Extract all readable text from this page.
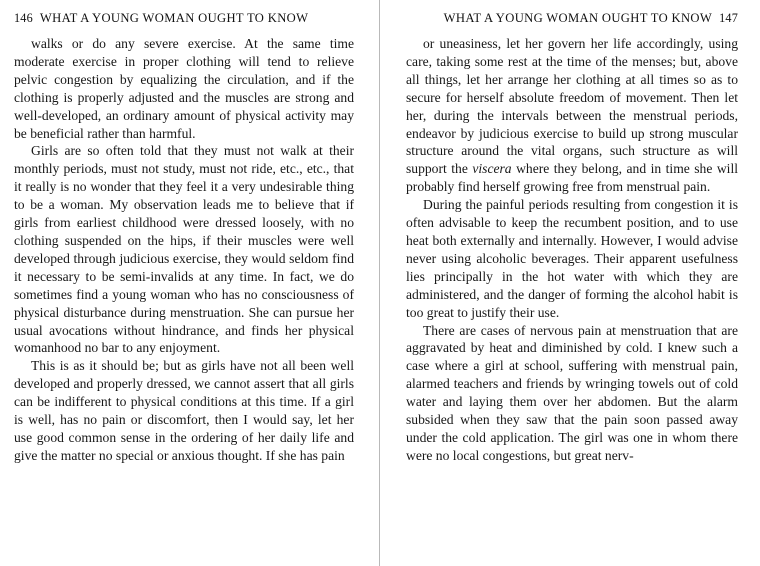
146 WHAT A YOUNG WOMAN OUGHT TO KNOW

walks or do any severe exercise. At the same time moderate exercise in proper clothing will tend to relieve pelvic congestion by equalizing the circulation, and if the clothing is properly adjusted and the muscles are strong and well-developed, an ordinary amount of physical activity may be beneficial rather than harmful.

Girls are so often told that they must not walk at their monthly periods, must not study, must not ride, etc., etc., that it really is no wonder that they feel it a very undesirable thing to be a woman. My observation leads me to believe that if girls from earliest childhood were dressed loosely, with no clothing suspended on the hips, if their muscles were well developed through judicious exercise, they would seldom find it necessary to be semi-invalids at any time. In fact, we do sometimes find a young woman who has no consciousness of physical disturbance during menstruation. She can pursue her usual avocations without hindrance, and finds her physical womanhood no bar to any enjoyment.

This is as it should be; but as girls have not all been well developed and properly dressed, we cannot assert that all girls can be indifferent to physical conditions at this time. If a girl is well, has no pain or discomfort, then I would say, let her use good common sense in the ordering of her daily life and give the matter no special or anxious thought. If she has pain

WHAT A YOUNG WOMAN OUGHT TO KNOW 147

or uneasiness, let her govern her life accordingly, using care, taking some rest at the time of the menses; but, above all things, let her arrange her clothing at all times so as to secure for herself absolute freedom of movement. Then let her, during the intervals between the menstrual periods, endeavor by judicious exercise to build up strong muscular structure around the vital organs, such structure as will support the viscera where they belong, and in time she will probably find herself growing free from menstrual pain.

During the painful periods resulting from congestion it is often advisable to keep the recumbent position, and to use heat both externally and internally. However, I would advise never using alcoholic beverages. Their apparent usefulness lies principally in the hot water with which they are administered, and the danger of forming the alcohol habit is too great to justify their use.

There are cases of nervous pain at menstruation that are aggravated by heat and diminished by cold. I knew such a case where a girl at school, suffering with menstrual pain, alarmed teachers and friends by wringing towels out of cold water and laying them over her abdomen. But the alarm subsided when they saw that the pain soon passed away under the cold application. The girl was one in whom there were no local congestions, but great nerv-
